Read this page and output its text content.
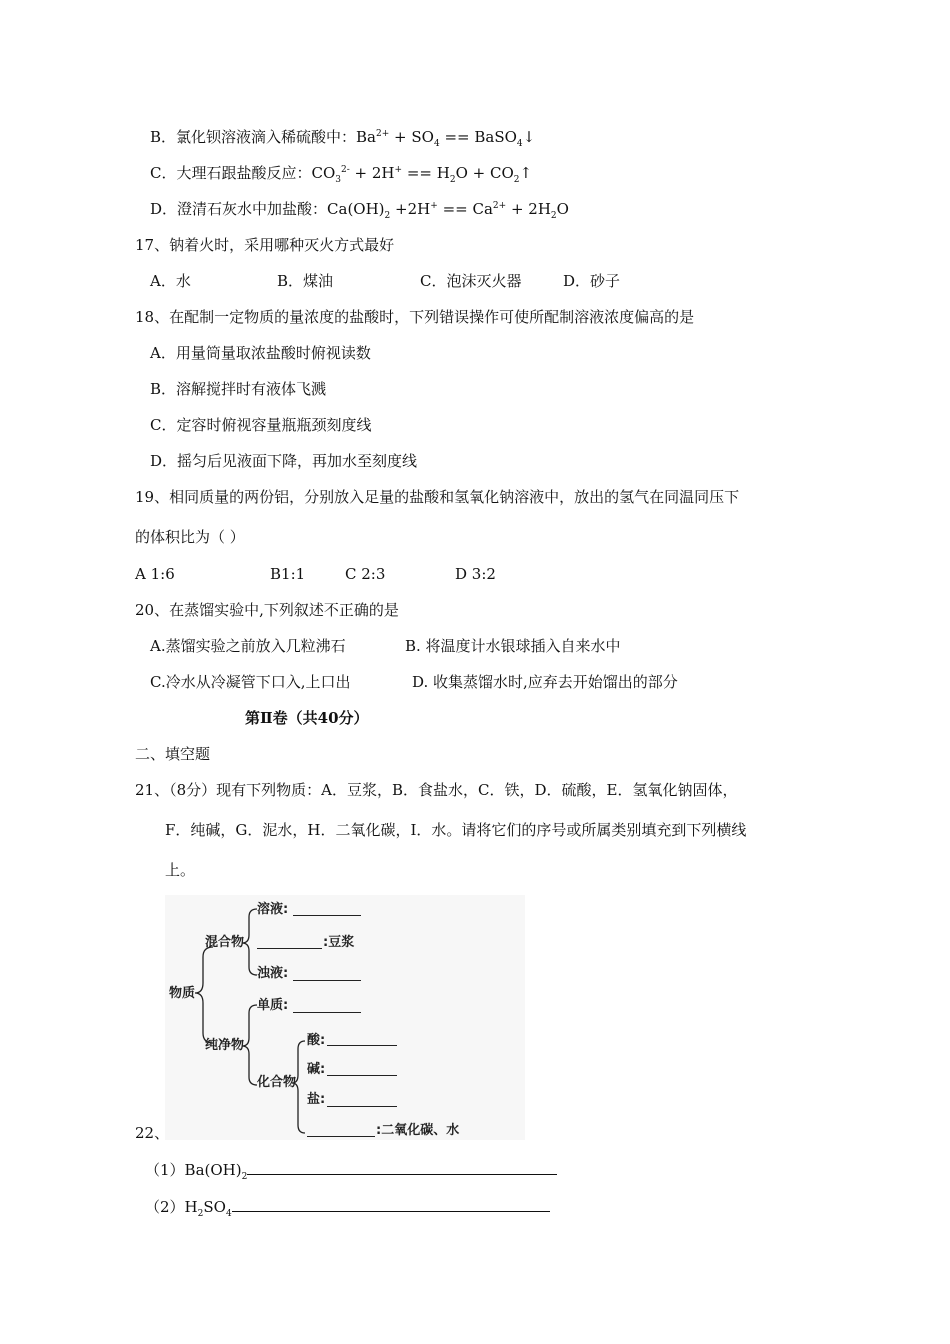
B．氯化钡溶液滴入稀硫酸中：$Ba^{2+} + SO_4$ == BaSO$_4$↓
C．大理石跟盐酸反应：$CO_3^{2-} + 2H^+ == H_2O$ + $CO_2↑$
D．澄清石灰水中加盐酸：$Ca(OH)_2 +2H^+ == Ca^{2+} + 2H_2O$
17、钠着火时，采用哪种灭火方式最好
A．水	B．煤油	C．泡沫灭火器	D．砂子
18、在配制一定物质的量浓度的盐酸时，下列错误操作可使所配制溶液浓度偏高的是
A．用量筒量取浓盐酸时俯视读数
B．溶解搅拌时有液体飞溅
C．定容时俯视容量瓶瓶颈刻度线
D．摇匀后见液面下降，再加水至刻度线
19、相同质量的两份铝，分别放入足量的盐酸和氢氧化钠溶液中，放出的氢气在同温同压下
的体积比为（ ）
A 1:6	B1:1	C 2:3	D 3:2
20、在蒸馏实验中,下列叙述不正确的是
A.蒸馏实验之前放入几粒沸石	B. 将温度计水银球插入自来水中
C.冷水从冷凝管下口入,上口出	D. 收集蒸馏水时,应弃去开始馏出的部分
第Ⅱ卷（共40分）
二、填空题
21、（8分）现有下列物质：A．豆浆，B．食盐水，C．铁，D．硫酸，E．氢氧化钠固体，
F．纯碱，G．泥水，H．二氧化碳，I．水。请将它们的序号或所属类别填充到下列横线
上。
物质
混合物
溶液:
:豆浆
浊液:
单质:
纯净物
化合物
酸:
碱:
盐:
:二氧化碳、水
22、
$(1)Ba(OH)_2$
$(2)H_2SO_4$
